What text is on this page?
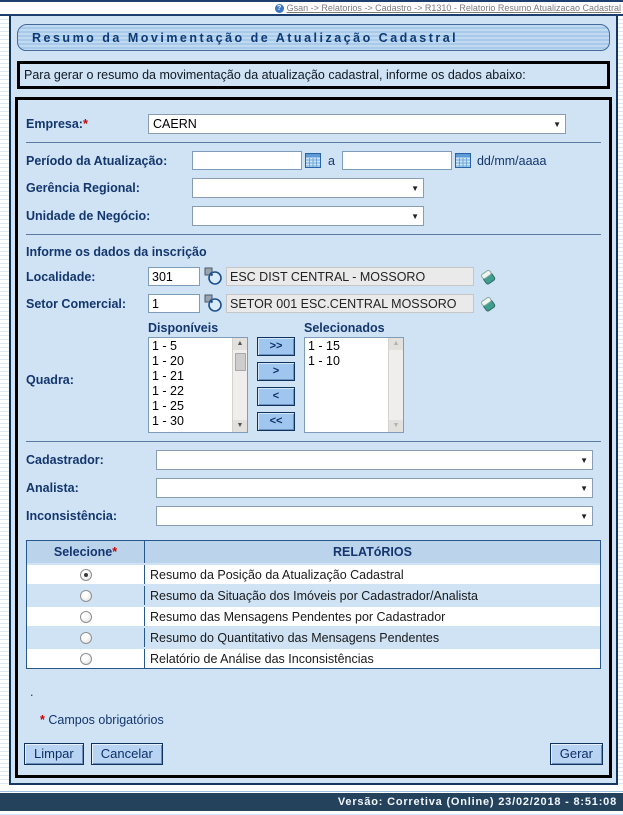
? Gsan -> Relatorios -> Cadastro -> R1310 - Relatorio Resumo Atualizacao Cadastral
Resumo da Movimentação de Atualização Cadastral
Para gerar o resumo da movimentação da atualização cadastral, informe os dados abaixo:
Empresa:*	CAERN	▼
Período da Atualização:	a	dd/mm/aaaa
Gerência Regional:	▼
Unidade de Negócio:	▼
Informe os dados da inscrição
Localidade:
301	ESC DIST CENTRAL - MOSSORO
Setor Comercial:
1	SETOR 001 ESC.CENTRAL MOSSORO
Quadra:
Disponíveis
1 - 5
1 - 20
1 - 21
1 - 22
1 - 25
1 - 30
▲
▼
>>
>
<
<<
Selecionados
1 - 15
1 - 10
▲
▼
Cadastrador:	▼
Analista:	▼
Inconsistência:	▼
Selecione *	RELATóRIOS
Resumo da Posição da Atualização Cadastral
Resumo da Situação dos Imóveis por Cadastrador/Analista
Resumo das Mensagens Pendentes por Cadastrador
Resumo do Quantitativo das Mensagens Pendentes
Relatório de Análise das Inconsistências
.
* Campos obrigatórios
Limpar	Cancelar	Gerar
Versão: Corretiva (Online) 23/02/2018 - 8:51:08
